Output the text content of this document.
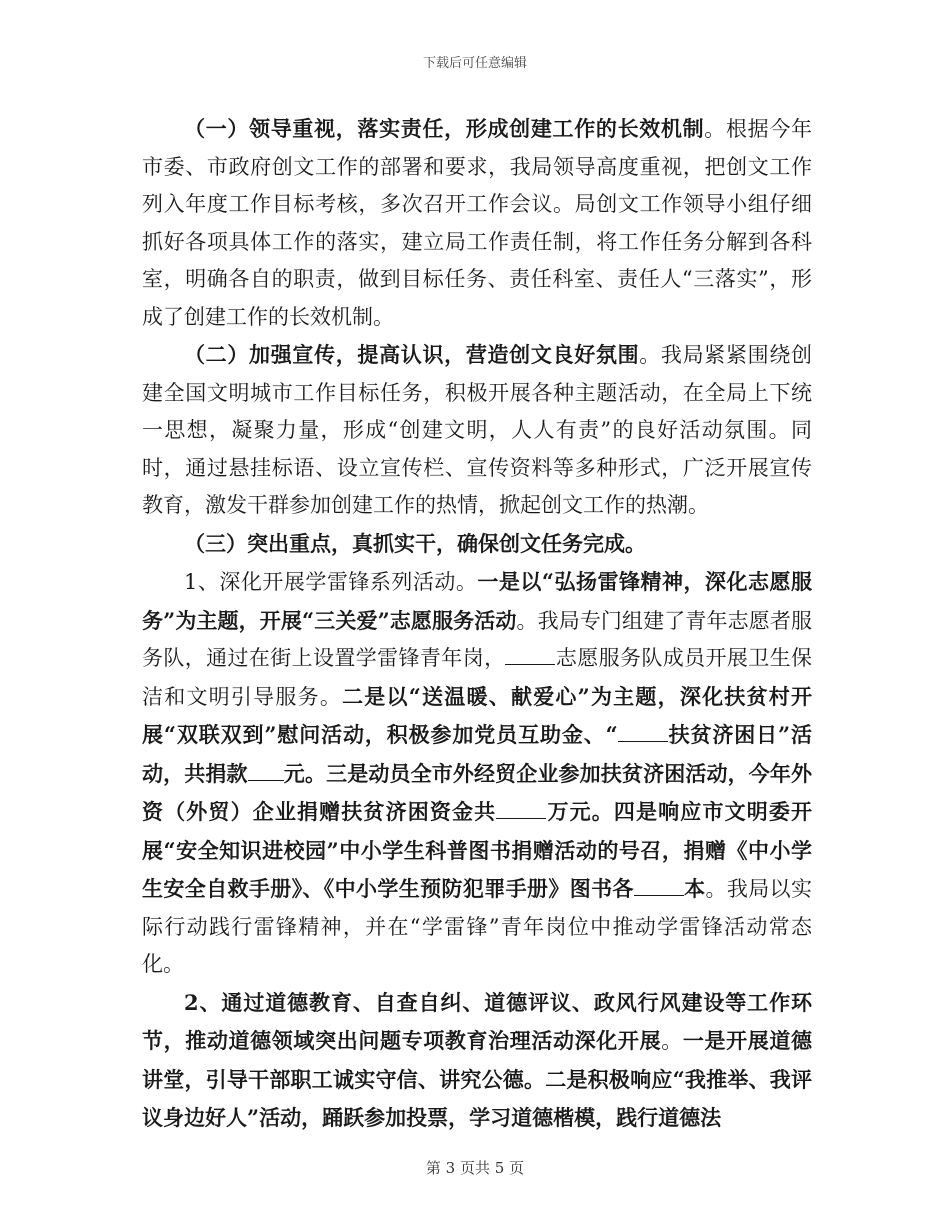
下载后可任意编辑

（一）领导重视，落实责任，形成创建工作的长效机制。根据今年市委、市政府创文工作的部署和要求，我局领导高度重视，把创文工作列入年度工作目标考核，多次召开工作会议。局创文工作领导小组仔细抓好各项具体工作的落实，建立局工作责任制，将工作任务分解到各科室，明确各自的职责，做到目标任务、责任科室、责任人“三落实”，形成了创建工作的长效机制。

（二）加强宣传，提高认识，营造创文良好氛围。我局紧紧围绕创建全国文明城市工作目标任务，积极开展各种主题活动，在全局上下统一思想，凝聚力量，形成“创建文明，人人有责”的良好活动氛围。同时，通过悬挂标语、设立宣传栏、宣传资料等多种形式，广泛开展宣传教育，激发干群参加创建工作的热情，掀起创文工作的热潮。

（三）突出重点，真抓实干，确保创文任务完成。

1、深化开展学雷锋系列活动。一是以“弘扬雷锋精神，深化志愿服务”为主题，开展“三关爱”志愿服务活动。我局专门组建了青年志愿者服务队，通过在街上设置学雷锋青年岗， 志愿服务队成员开展卫生保洁和文明引导服务。二是以“送温暖、献爱心”为主题，深化扶贫村开展“双联双到”慰问活动，积极参加党员互助金、“ 扶贫济困日”活动，共捐款 元。三是动员全市外经贸企业参加扶贫济困活动，今年外资（外贸）企业捐赠扶贫济困资金共 万元。四是响应市文明委开展“安全知识进校园”中小学生科普图书捐赠活动的号召，捐赠《中小学生安全自救手册》、《中小学生预防犯罪手册》图书各 本。我局以实际行动践行雷锋精神，并在“学雷锋”青年岗位中推动学雷锋活动常态化。

2、通过道德教育、自查自纠、道德评议、政风行风建设等工作环节，推动道德领域突出问题专项教育治理活动深化开展。一是开展道德讲堂，引导干部职工诚实守信、讲究公德。二是积极响应“我推举、我评议身边好人”活动，踊跃参加投票，学习道德楷模，践行道德法

第 3 页共 5 页
